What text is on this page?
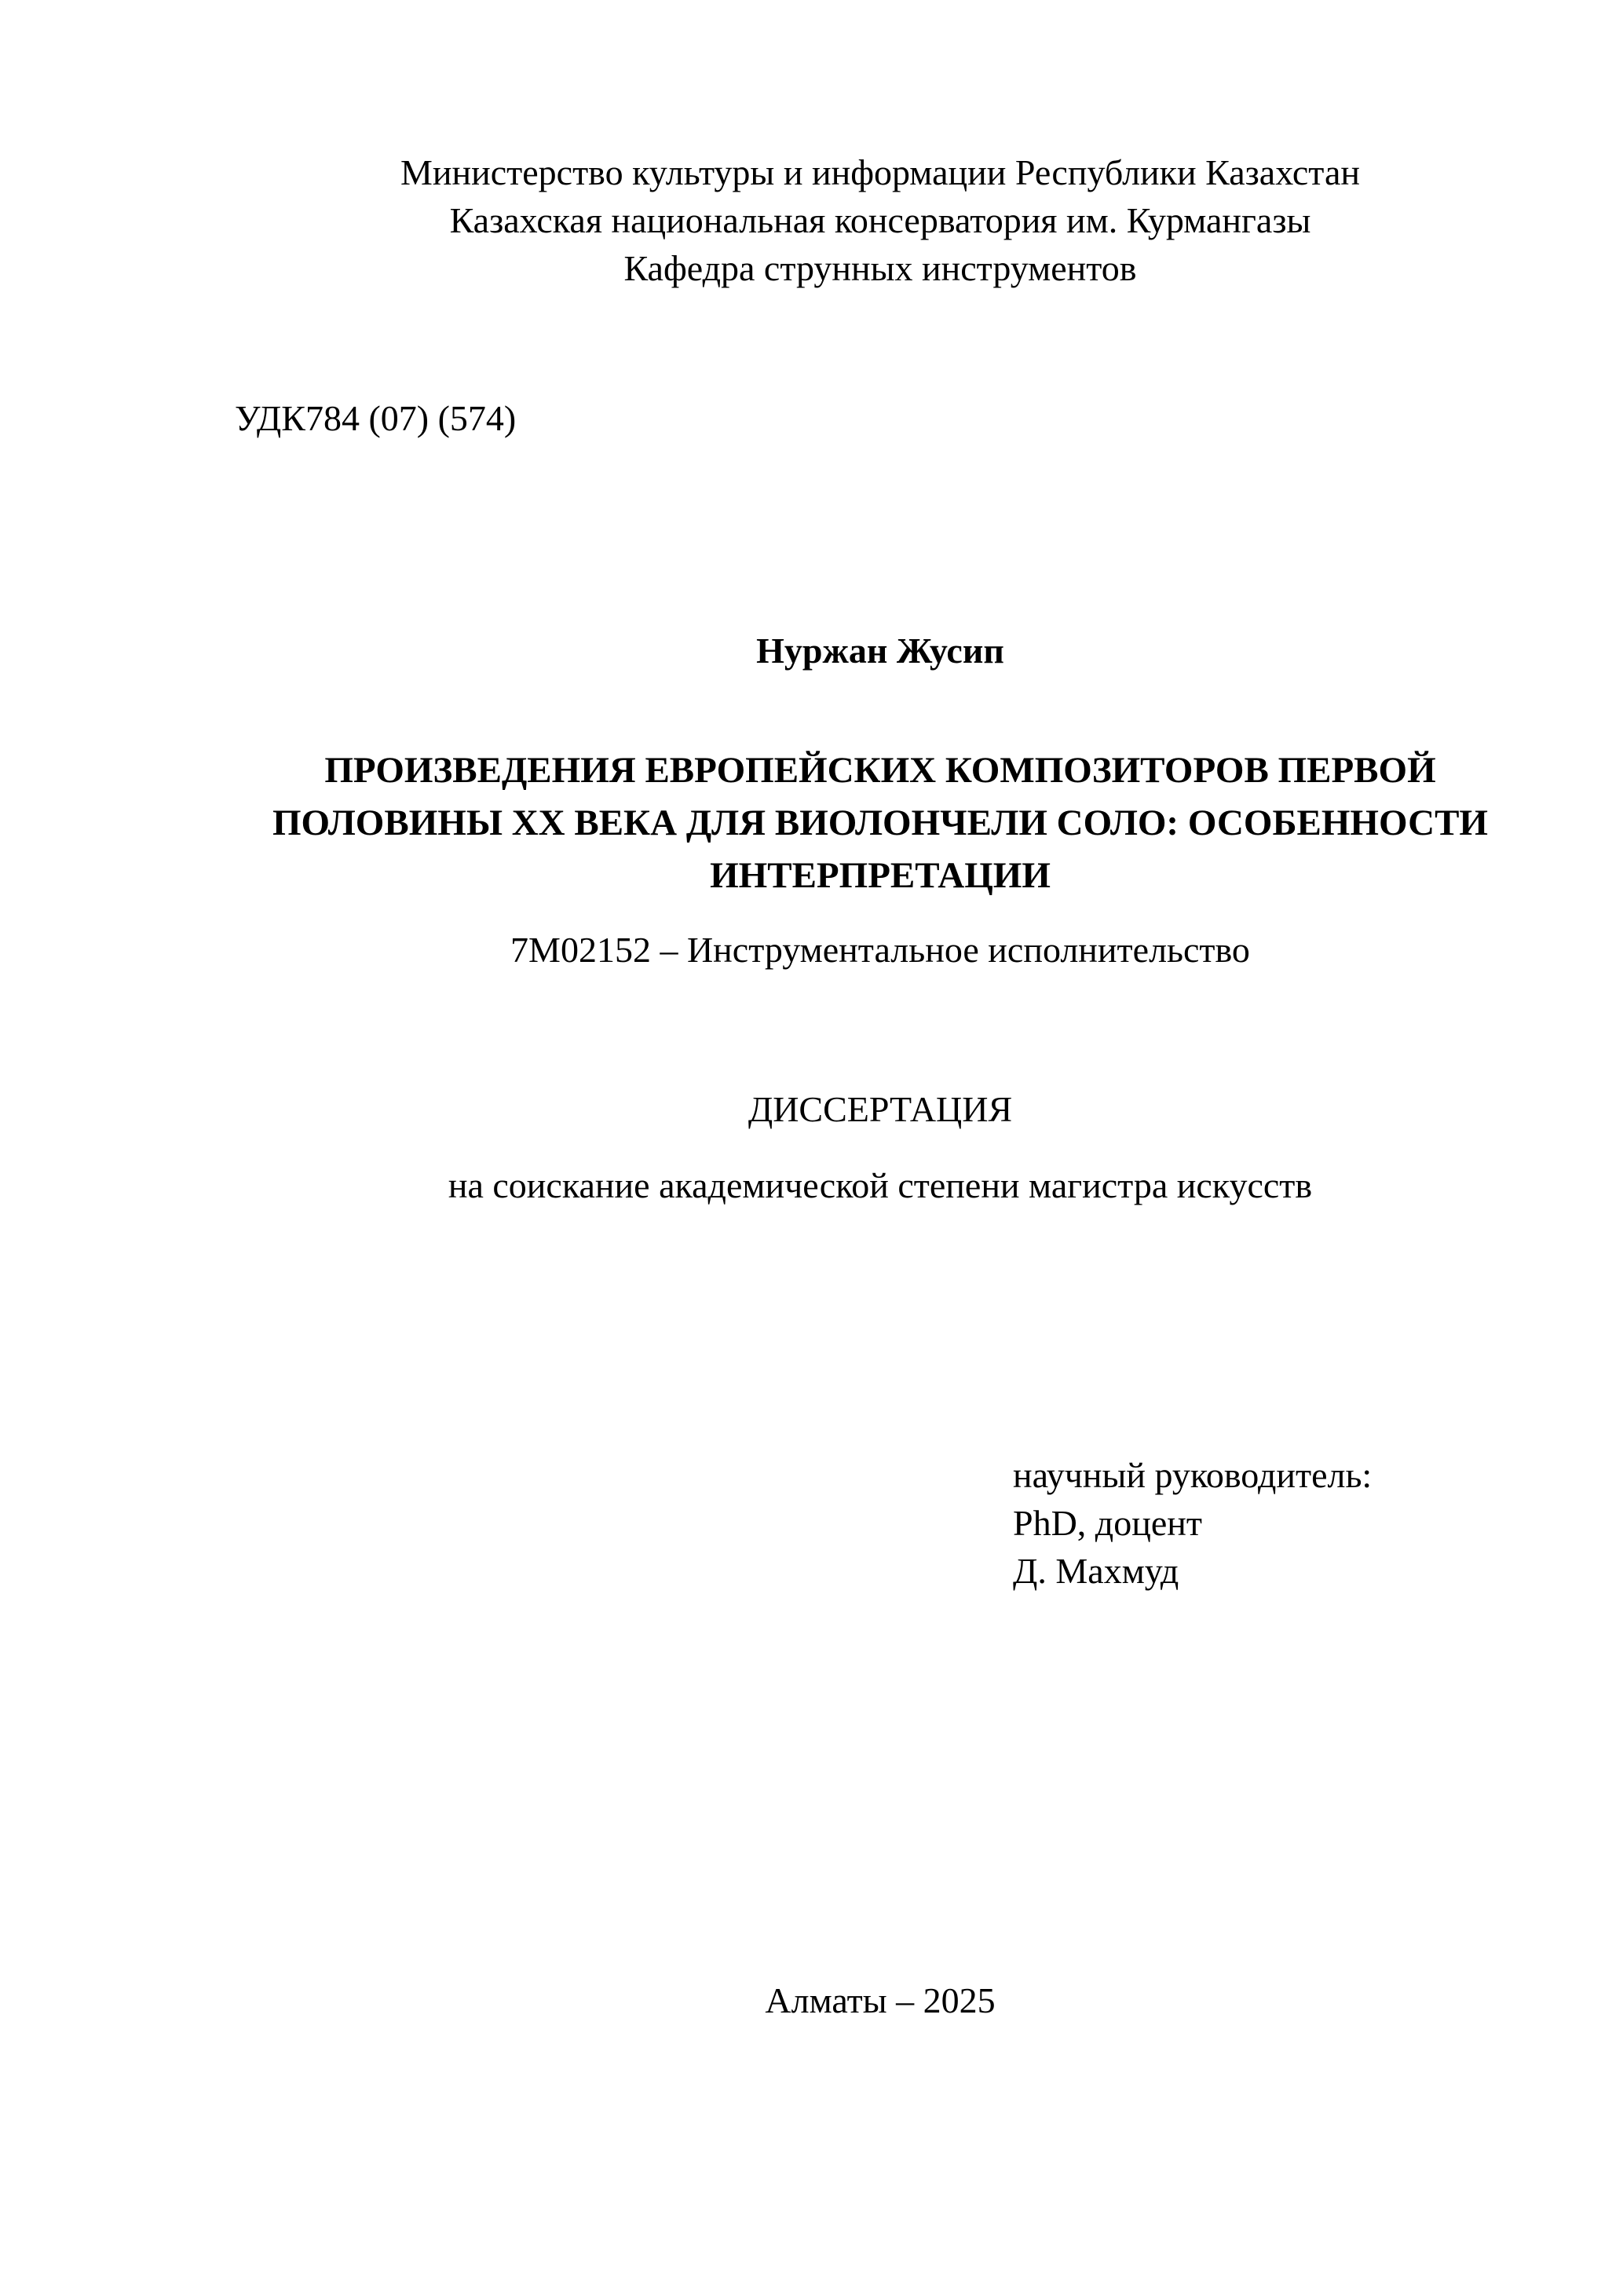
Министерство культуры и информации Республики Казахстан
Казахская национальная консерватория им. Курмангазы
Кафедра струнных инструментов
УДК784 (07) (574)
Нуржан Жусип
ПРОИЗВЕДЕНИЯ ЕВРОПЕЙСКИХ КОМПОЗИТОРОВ ПЕРВОЙ
ПОЛОВИНЫ XX ВЕКА ДЛЯ ВИОЛОНЧЕЛИ СОЛО: ОСОБЕННОСТИ
ИНТЕРПРЕТАЦИИ
7М02152 – Инструментальное исполнительство
ДИССЕРТАЦИЯ
на соискание академической степени магистра искусств
научный руководитель:
PhD, доцент
Д. Махмуд
Алматы – 2025
